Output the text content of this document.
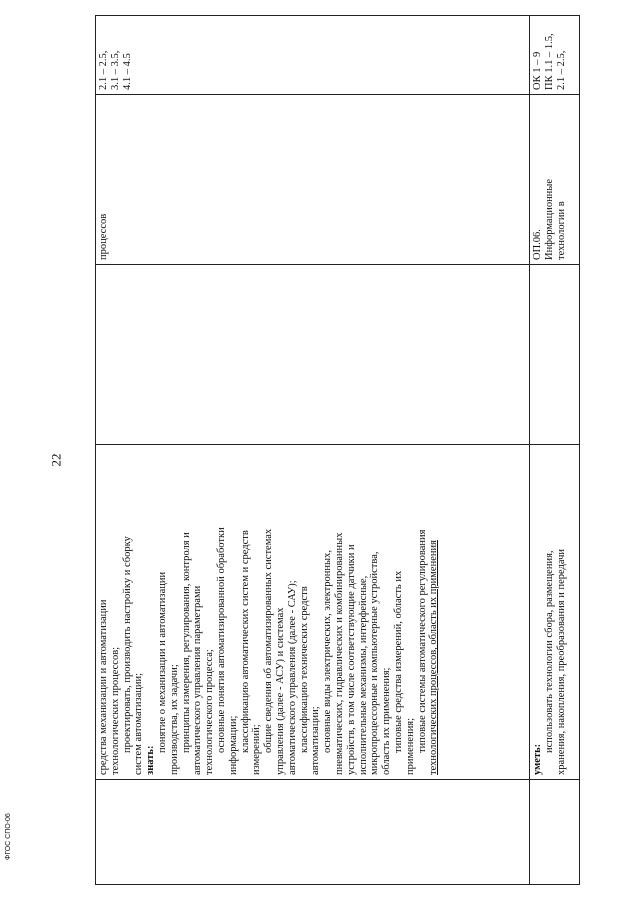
22
ФГОС СПО-06
средства механизации и автоматизации технологических процессов; проектировать, производить настройку и сборку систем автоматизации; знать:
понятие о механизации и автоматизации производства, их задачи; принципы измерения, регулирования, контроля и автоматического управления параметрами технологического процесса; основные понятия автоматизированной обработки информации; классификацию автоматических систем и средств измерений; общие сведения об автоматизированных системах управления (далее - АСУ) и системах автоматического управления (далее - САУ); классификацию технических средств автоматизации; основные виды электрических, электронных, пневматических, гидравлических и комбинированных устройств, в том числе соответствующие датчики и исполнительные механизмы, интерфейсные, микропроцессорные и компьютерные устройства, область их применения; типовые средства измерений, область их применения; типовые системы автоматического регулирования технологических процессов, область их применения
процессов
2.1 – 2.5, 3.1 – 3.5, 4.1 – 4.5
уметь:
использовать технологии сбора, размещения, хранения, накопления, преобразования и передачи
ОП.06. Информационные технологии в
ОК 1 – 9 ПК 1.1 – 1.5, 2.1 – 2.5,
